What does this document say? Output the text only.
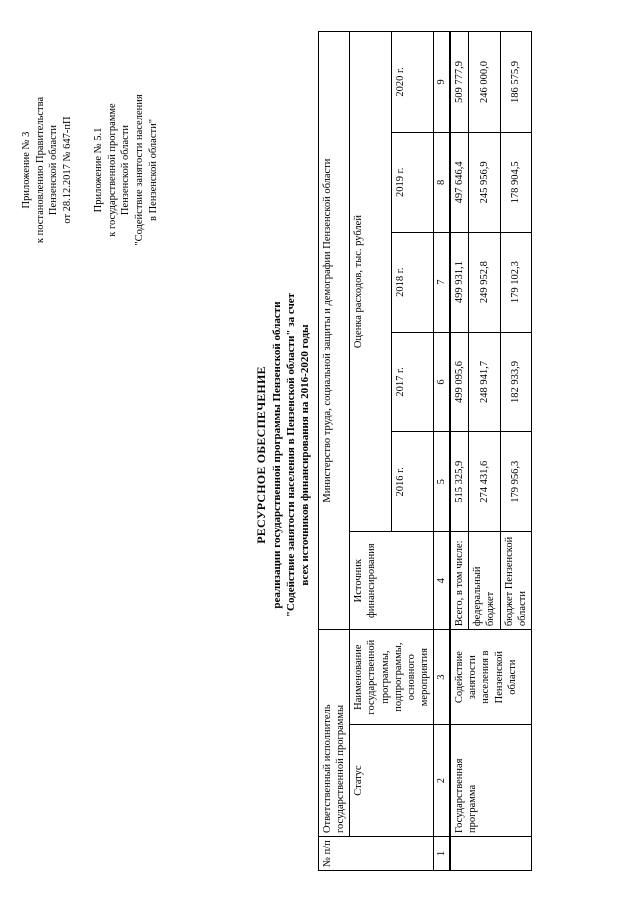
Приложение № 3 к постановлению Правительства Пензенской области от 28.12.2017 № 647-пП Приложение № 5.1 к государственной программе Пензенской области "Содействие занятости населения в Пензенской области"
РЕСУРСНОЕ ОБЕСПЕЧЕНИЕ реализации государственной программы Пензенской области "Содействие занятости населения в Пензенской области" за счет всех источников финансирования на 2016-2020 годы
№ п/п	Ответственный исполнитель государственной программы		Министерство труда, социальной защиты и демографии Пензенской области					
	Статус	Наименование государственной программы, подпрограммы, основного мероприятия	Источник финансирования	Оценка расходов, тыс. рублей				
				2016 г.	2017 г.	2018 г.	2019 г.	2020 г.
1	2	3	4	5	6	7	8	9
	Государственная программа	Содействие занятости населения в Пензенской области	Всего, в том числе:	515 325,9	499 095,6	499 931,1	497 646,4	509 777,9
			федеральный бюджет	274 431,6	248 941,7	249 952,8	245 956,9	246 000,0
			бюджет Пензенской области	179 956,3	182 933,9	179 102,3	178 904,5	186 575,9
